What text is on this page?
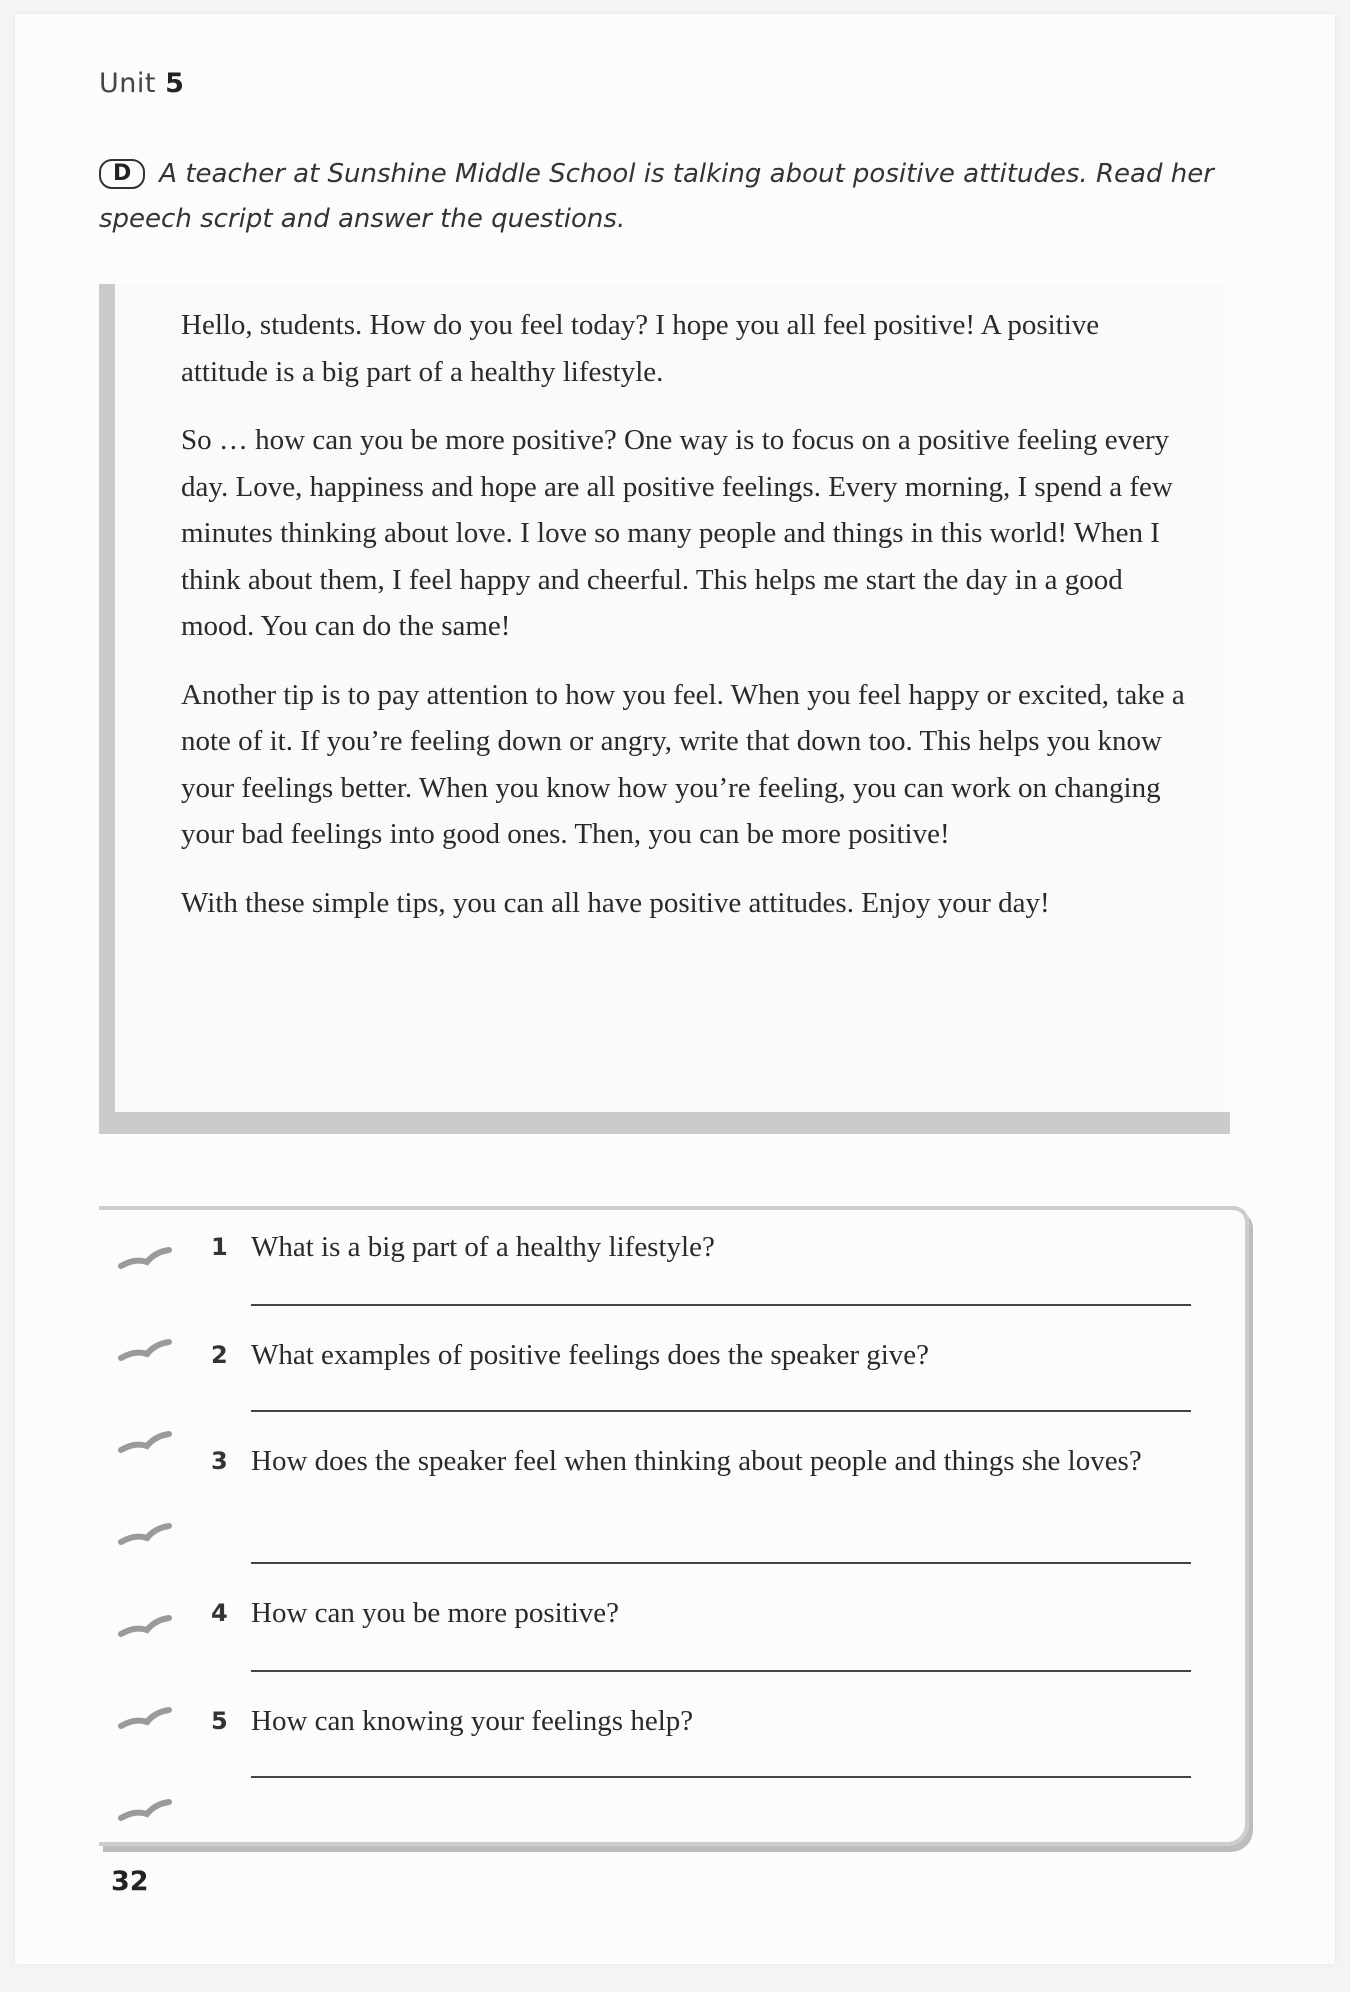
Unit 5
D A teacher at Sunshine Middle School is talking about positive attitudes. Read her speech script and answer the questions.

Hello, students. How do you feel today? I hope you all feel positive! A positive attitude is a big part of a healthy lifestyle.

So … how can you be more positive? One way is to focus on a positive feeling every day. Love, happiness and hope are all positive feelings. Every morning, I spend a few minutes thinking about love. I love so many people and things in this world! When I think about them, I feel happy and cheerful. This helps me start the day in a good mood. You can do the same!

Another tip is to pay attention to how you feel. When you feel happy or excited, take a note of it. If you’re feeling down or angry, write that down too. This helps you know your feelings better. When you know how you’re feeling, you can work on changing your bad feelings into good ones. Then, you can be more positive!

With these simple tips, you can all have positive attitudes. Enjoy your day!

1 What is a big part of a healthy lifestyle?
2 What examples of positive feelings does the speaker give?
3 How does the speaker feel when thinking about people and things she loves?
4 How can you be more positive?
5 How can knowing your feelings help?
32
